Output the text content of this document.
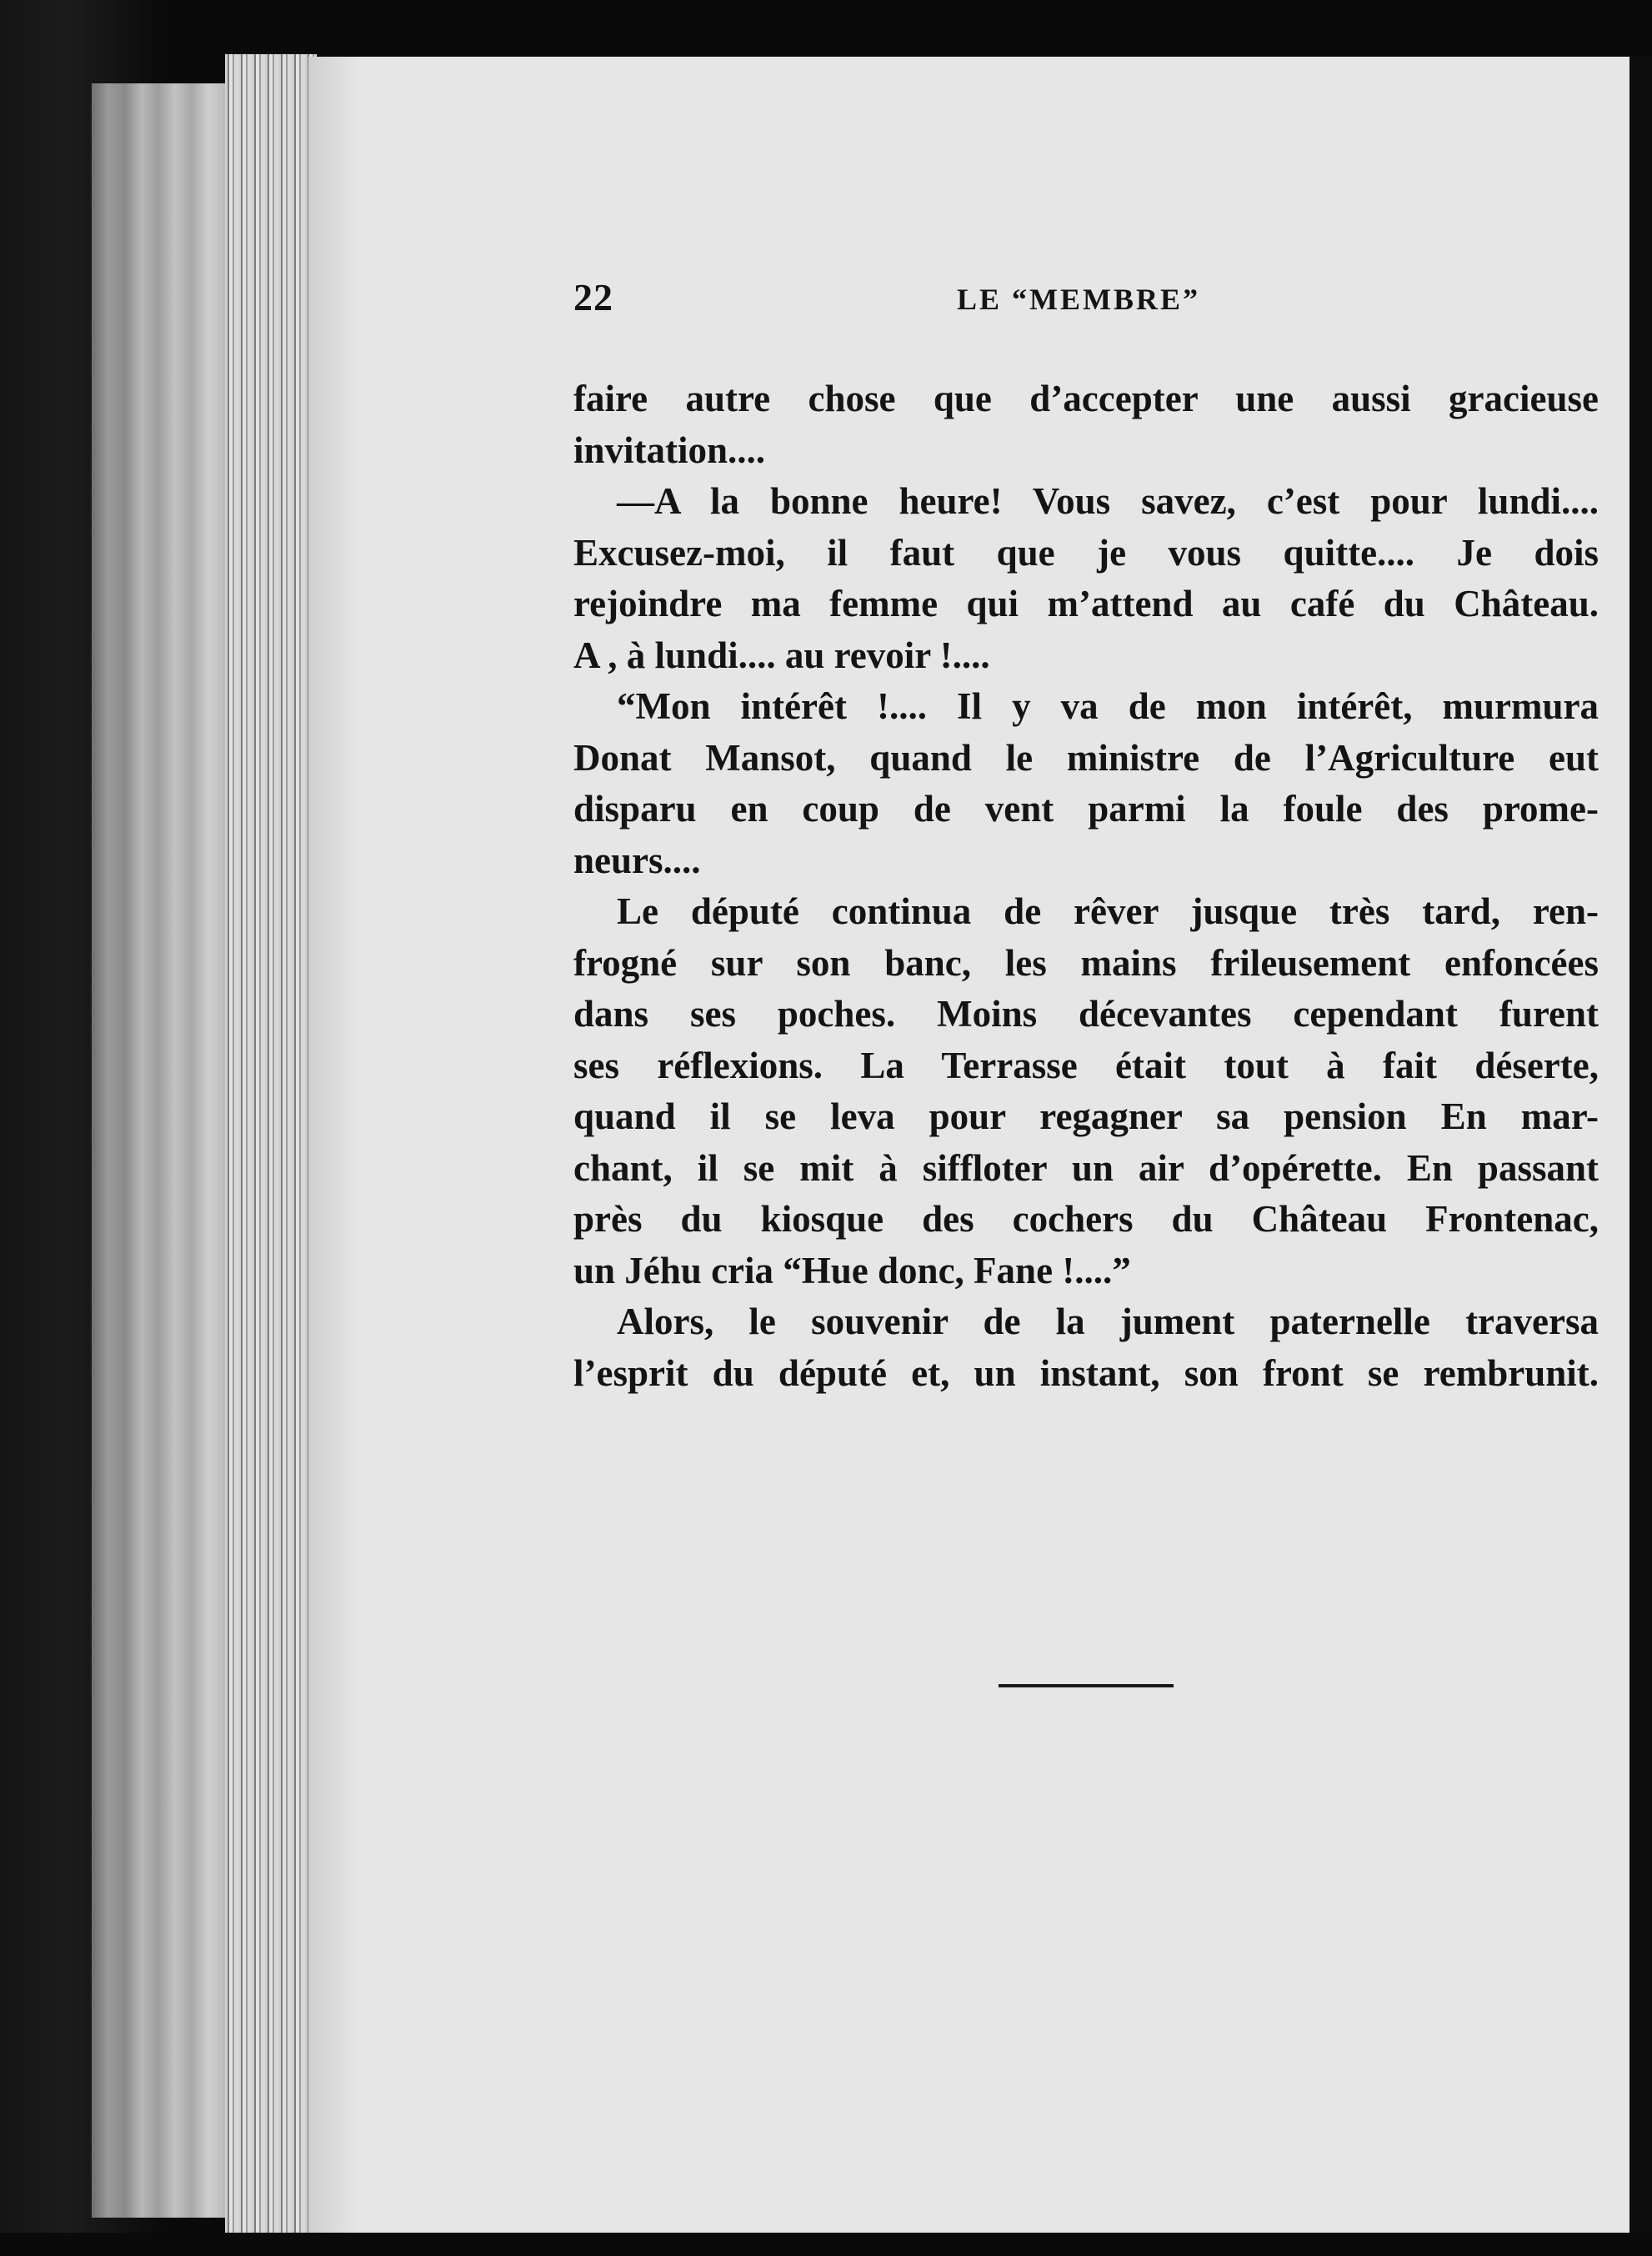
22	LE “MEMBRE”
faire autre chose que d’accepter une aussi gracieuse
invitation....
—A la bonne heure! Vous savez, c’est pour lundi....
Excusez-moi, il faut que je vous quitte.... Je dois
rejoindre ma femme qui m’attend au café du Château.
A︎ , à lundi.... au revoir !....
“Mon intérêt !.... Il y va de mon intérêt, murmura
Donat Mansot, quand le ministre de l’Agriculture eut
disparu en coup de vent parmi la foule des prome-
neurs....
Le député continua de rêver jusque très tard, ren-
frogné sur son banc, les mains frileusement enfoncées
dans ses poches. Moins décevantes cependant furent
ses réflexions. La Terrasse était tout à fait déserte,
quand il se leva pour regagner sa pension En mar-
chant, il se mit à siffloter un air d’opérette. En passant
près du kiosque des cochers du Château Frontenac,
un Jéhu cria “Hue donc, Fane !....”
Alors, le souvenir de la jument paternelle traversa
l’esprit du député et, un instant, son front se rembrunit.
